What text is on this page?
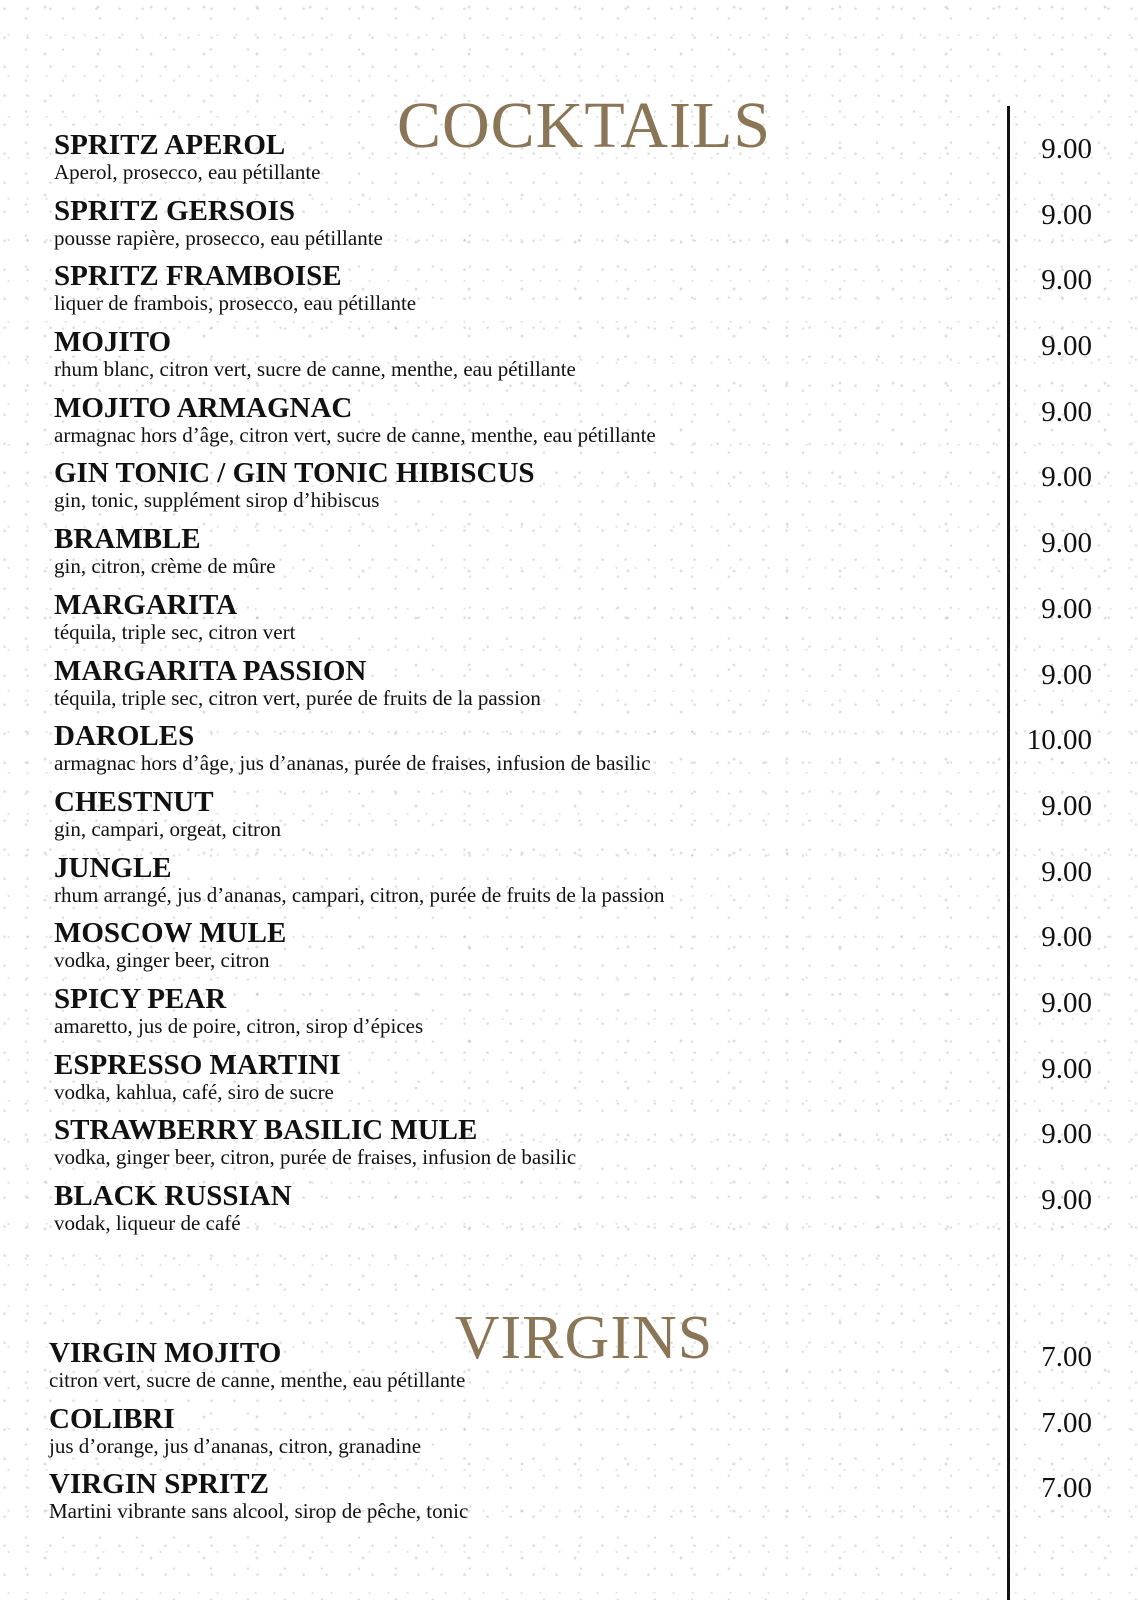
COCKTAILS
SPRITZ APEROL
Aperol, prosecco, eau pétillante
9.00
SPRITZ GERSOIS
pousse rapière, prosecco, eau pétillante
9.00
SPRITZ FRAMBOISE
liquer de frambois, prosecco, eau pétillante
9.00
MOJITO
rhum blanc, citron vert, sucre de canne, menthe, eau pétillante
9.00
MOJITO ARMAGNAC
armagnac hors d’âge, citron vert, sucre de canne, menthe, eau pétillante
9.00
GIN TONIC / GIN TONIC HIBISCUS
gin, tonic, supplément sirop d’hibiscus
9.00
BRAMBLE
gin, citron, crème de mûre
9.00
MARGARITA
téquila, triple sec, citron vert
9.00
MARGARITA PASSION
téquila, triple sec, citron vert, purée de fruits de la passion
9.00
DAROLES
armagnac hors d’âge, jus d’ananas, purée de fraises, infusion de basilic
10.00
CHESTNUT
gin, campari, orgeat, citron
9.00
JUNGLE
rhum arrangé, jus d’ananas, campari, citron, purée de fruits de la passion
9.00
MOSCOW MULE
vodka, ginger beer, citron
9.00
SPICY PEAR
amaretto, jus de poire, citron, sirop d’épices
9.00
ESPRESSO MARTINI
vodka, kahlua, café, siro de sucre
9.00
STRAWBERRY BASILIC MULE
vodka, ginger beer, citron, purée de fraises, infusion de basilic
9.00
BLACK RUSSIAN
vodak, liqueur de café
9.00
VIRGINS
VIRGIN MOJITO
citron vert, sucre de canne, menthe, eau pétillante
7.00
COLIBRI
jus d’orange, jus d’ananas, citron, granadine
7.00
VIRGIN SPRITZ
Martini vibrante sans alcool, sirop de pêche, tonic
7.00
